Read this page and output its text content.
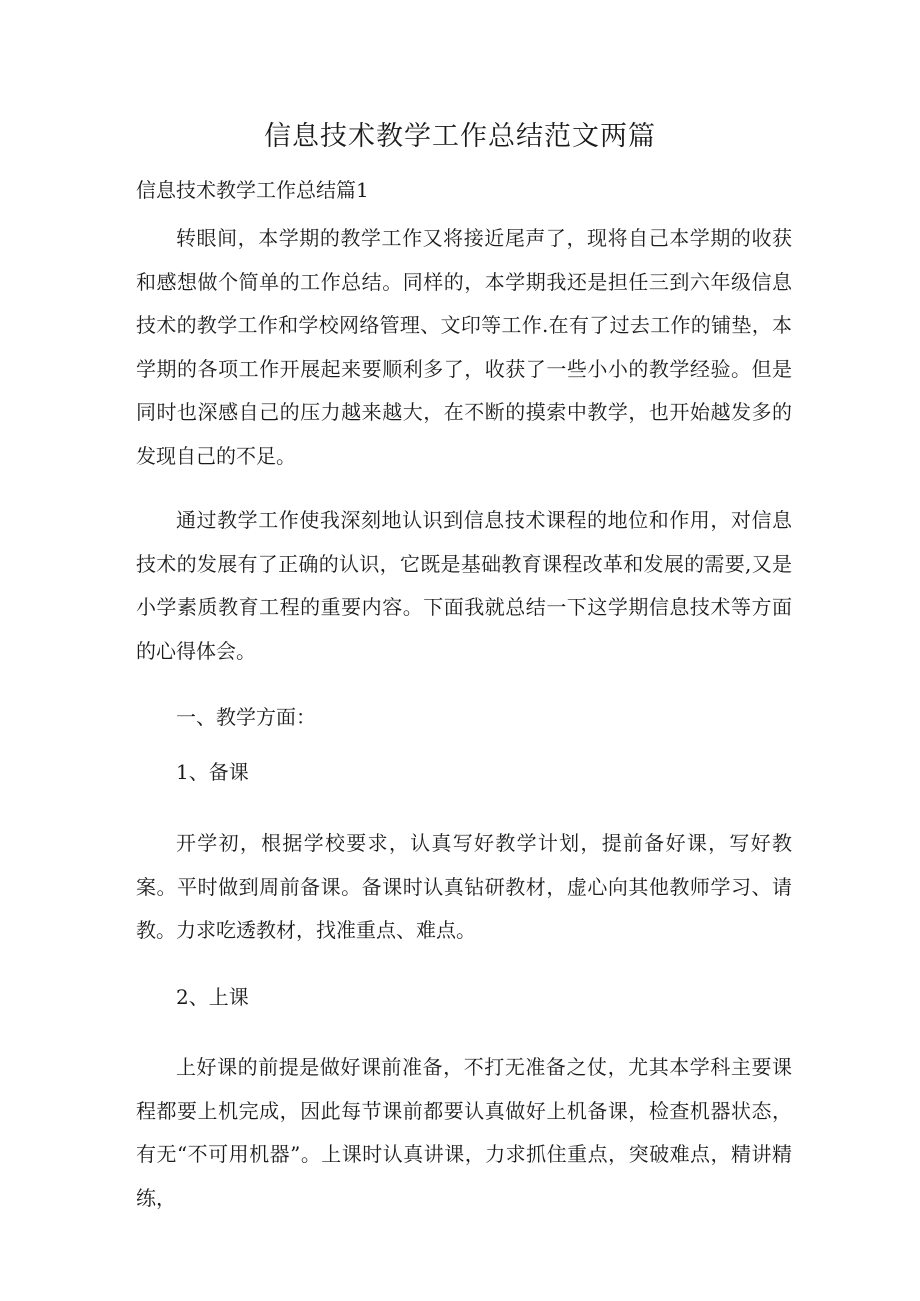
信息技术教学工作总结范文两篇
信息技术教学工作总结篇1

转眼间，本学期的教学工作又将接近尾声了，现将自己本学期的收获和感想做个简单的工作总结。同样的，本学期我还是担任三到六年级信息技术的教学工作和学校网络管理、文印等工作.在有了过去工作的铺垫，本学期的各项工作开展起来要顺利多了，收获了一些小小的教学经验。但是同时也深感自己的压力越来越大，在不断的摸索中教学，也开始越发多的发现自己的不足。

通过教学工作使我深刻地认识到信息技术课程的地位和作用，对信息技术的发展有了正确的认识，它既是基础教育课程改革和发展的需要,又是小学素质教育工程的重要内容。下面我就总结一下这学期信息技术等方面的心得体会。

一、教学方面：
1、备课

开学初，根据学校要求，认真写好教学计划，提前备好课，写好教案。平时做到周前备课。备课时认真钻研教材，虚心向其他教师学习、请教。力求吃透教材，找准重点、难点。

2、上课

上好课的前提是做好课前准备，不打无准备之仗，尤其本学科主要课程都要上机完成，因此每节课前都要认真做好上机备课，检查机器状态，有无“不可用机器”。上课时认真讲课，力求抓住重点，突破难点，精讲精练，
